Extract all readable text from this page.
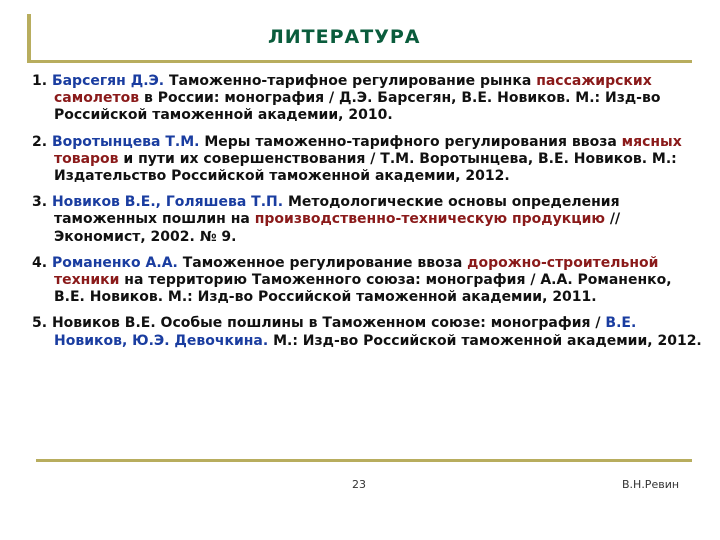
ЛИТЕРАТУРА
1. Барсегян Д.Э. Таможенно-тарифное регулирование рынка пассажирских самолетов в России: монография / Д.Э. Барсегян, В.Е. Новиков. М.: Изд-во Российской таможенной академии, 2010.
2. Воротынцева Т.М. Меры таможенно-тарифного регулирования ввоза мясных товаров и пути их совершенствования / Т.М. Воротынцева, В.Е. Новиков. М.: Издательство Российской таможенной академии, 2012.
3. Новиков В.Е., Голяшева Т.П. Методологические основы определения таможенных пошлин на производственно-техническую продукцию // Экономист, 2002. № 9.
4. Романенко А.А. Таможенное регулирование ввоза дорожно-строительной техники на территорию Таможенного союза: монография / А.А. Романенко, В.Е. Новиков. М.: Изд-во Российской таможенной академии, 2011.
5. Новиков В.Е. Особые пошлины в Таможенном союзе: монография / В.Е. Новиков, Ю.Э. Девочкина. М.: Изд-во Российской таможенной академии, 2012.
23	В.Н.Ревин
